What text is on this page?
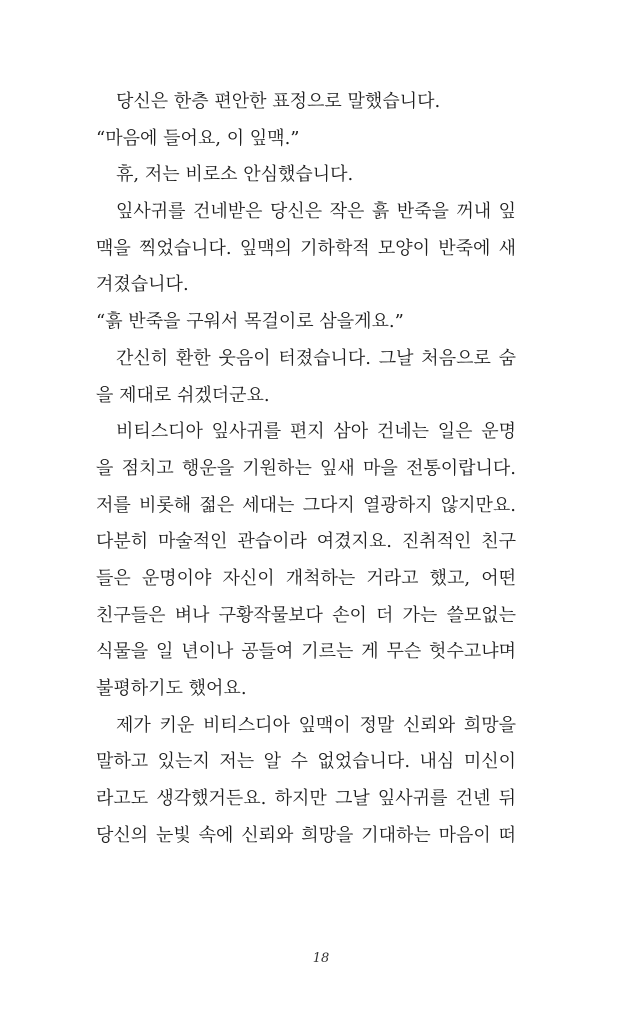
당신은 한층 편안한 표정으로 말했습니다.
“마음에 들어요, 이 잎맥.”
휴, 저는 비로소 안심했습니다.
잎사귀를 건네받은 당신은 작은 흙 반죽을 꺼내 잎
맥을 찍었습니다. 잎맥의 기하학적 모양이 반죽에 새
겨졌습니다.
“흙 반죽을 구워서 목걸이로 삼을게요.”
간신히 환한 웃음이 터졌습니다. 그날 처음으로 숨
을 제대로 쉬겠더군요.
비티스디아 잎사귀를 편지 삼아 건네는 일은 운명
을 점치고 행운을 기원하는 잎새 마을 전통이랍니다.
저를 비롯해 젊은 세대는 그다지 열광하지 않지만요.
다분히 마술적인 관습이라 여겼지요. 진취적인 친구
들은 운명이야 자신이 개척하는 거라고 했고, 어떤
친구들은 벼나 구황작물보다 손이 더 가는 쓸모없는
식물을 일 년이나 공들여 기르는 게 무슨 헛수고냐며
불평하기도 했어요.
제가 키운 비티스디아 잎맥이 정말 신뢰와 희망을
말하고 있는지 저는 알 수 없었습니다. 내심 미신이
라고도 생각했거든요. 하지만 그날 잎사귀를 건넨 뒤
당신의 눈빛 속에 신뢰와 희망을 기대하는 마음이 떠
18
